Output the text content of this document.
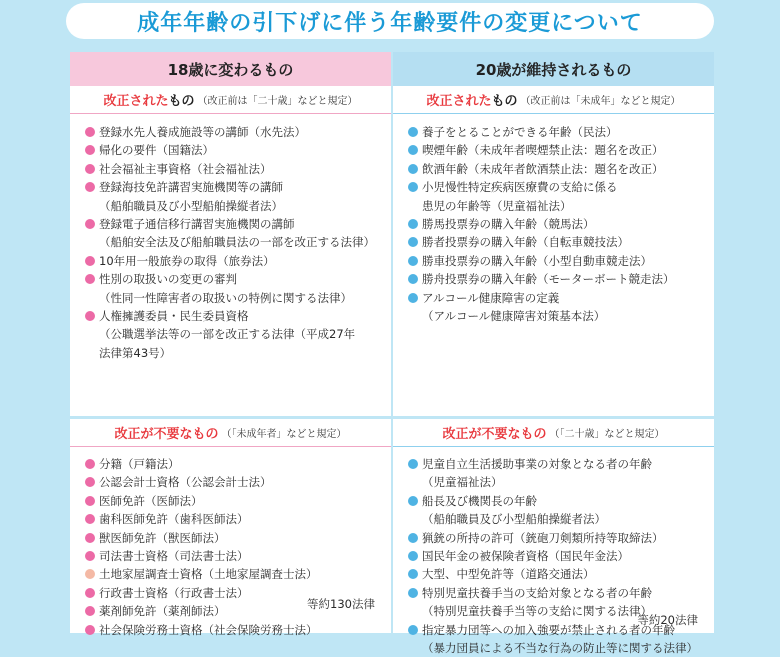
成年年齢の引下げに伴う年齢要件の変更について
18歳に変わるもの
改正された もの （改正前は「二十歳」などと規定）
登録水先人養成施設等の講師（水先法）
帰化の要件（国籍法）
社会福祉主事資格（社会福祉法）
登録海技免許講習実施機関等の講師
（船舶職員及び小型船舶操縦者法）
登録電子通信移行講習実施機関の講師
（船舶安全法及び船舶職員法の一部を改正する法律）
10年用一般旅券の取得（旅券法）
性別の取扱いの変更の審判
（性同一性障害者の取扱いの特例に関する法律）
人権擁護委員・民生委員資格
（公職選挙法等の一部を改正する法律（平成27年
法律第43号）
改正が不要なもの （「未成年者」などと規定）
分籍（戸籍法）
公認会計士資格（公認会計士法）
医師免許（医師法）
歯科医師免許（歯科医師法）
獣医師免許（獣医師法）
司法書士資格（司法書士法）
土地家屋調査士資格（土地家屋調査士法）
行政書士資格（行政書士法）
薬剤師免許（薬剤師法）
社会保険労務士資格（社会保険労務士法）
等約130法律
20歳が維持されるもの
改正された もの （改正前は「未成年」などと規定）
養子をとることができる年齢（民法）
喫煙年齢（未成年者喫煙禁止法：題名を改正）
飲酒年齢（未成年者飲酒禁止法：題名を改正）
小児慢性特定疾病医療費の支給に係る
患児の年齢等（児童福祉法）
勝馬投票券の購入年齢（競馬法）
勝者投票券の購入年齢（自転車競技法）
勝車投票券の購入年齢（小型自動車競走法）
勝舟投票券の購入年齢（モーターボート競走法）
アルコール健康障害の定義
（アルコール健康障害対策基本法）
改正が不要なもの （「二十歳」などと規定）
児童自立生活援助事業の対象となる者の年齢
（児童福祉法）
船長及び機関長の年齢
（船舶職員及び小型船舶操縦者法）
猟銃の所持の許可（銃砲刀剣類所持等取締法）
国民年金の被保険者資格（国民年金法）
大型、中型免許等（道路交通法）
特別児童扶養手当の支給対象となる者の年齢
（特別児童扶養手当等の支給に関する法律）
指定暴力団等への加入強要が禁止される者の年齢
（暴力団員による不当な行為の防止等に関する法律）
等約20法律
